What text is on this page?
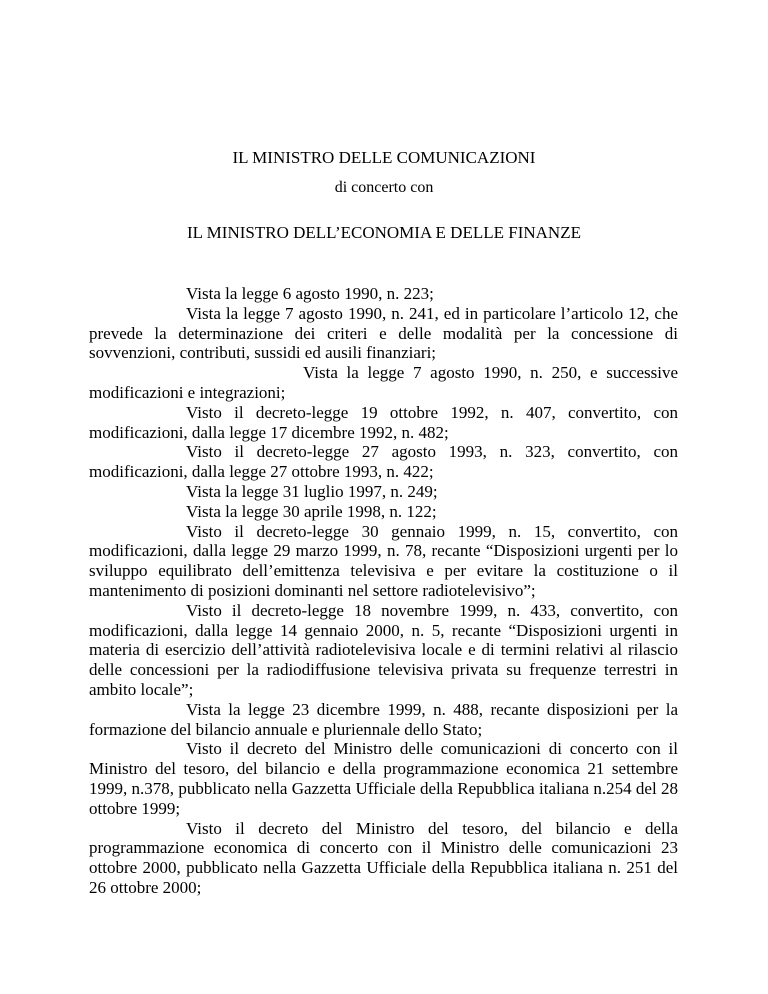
IL MINISTRO DELLE COMUNICAZIONI
di concerto con
IL MINISTRO DELL’ECONOMIA E DELLE FINANZE

Vista la legge 6 agosto 1990, n. 223;

Vista la legge 7 agosto 1990, n. 241, ed in particolare l’articolo 12, che prevede la determinazione dei criteri e delle modalità per la concessione di sovvenzioni, contributi, sussidi ed ausili finanziari;

Vista la legge 7 agosto 1990, n. 250, e successive modificazioni e integrazioni;

Visto il decreto-legge 19 ottobre 1992, n. 407, convertito, con modificazioni, dalla legge 17 dicembre 1992, n. 482;

Visto il decreto-legge 27 agosto 1993, n. 323, convertito, con modificazioni, dalla legge 27 ottobre 1993, n. 422;

Vista la legge 31 luglio 1997, n. 249;

Vista la legge 30 aprile 1998, n. 122;

Visto il decreto-legge 30 gennaio 1999, n. 15, convertito, con modificazioni, dalla legge 29 marzo 1999, n. 78, recante “Disposizioni urgenti per lo sviluppo equilibrato dell’emittenza televisiva e per evitare la costituzione o il mantenimento di posizioni dominanti nel settore radiotelevisivo”;

Visto il decreto-legge 18 novembre 1999, n. 433, convertito, con modificazioni, dalla legge 14 gennaio 2000, n. 5, recante “Disposizioni urgenti in materia di esercizio dell’attività radiotelevisiva locale e di termini relativi al rilascio delle concessioni per la radiodiffusione televisiva privata su frequenze terrestri in ambito locale”;

Vista la legge 23 dicembre 1999, n. 488, recante disposizioni per la formazione del bilancio annuale e pluriennale dello Stato;

Visto il decreto del Ministro delle comunicazioni di concerto con il Ministro del tesoro, del bilancio e della programmazione economica 21 settembre 1999, n.378, pubblicato nella Gazzetta Ufficiale della Repubblica italiana n.254 del 28 ottobre 1999;

Visto il decreto del Ministro del tesoro, del bilancio e della programmazione economica di concerto con il Ministro delle comunicazioni 23 ottobre 2000, pubblicato nella Gazzetta Ufficiale della Repubblica italiana n. 251 del 26 ottobre 2000;
